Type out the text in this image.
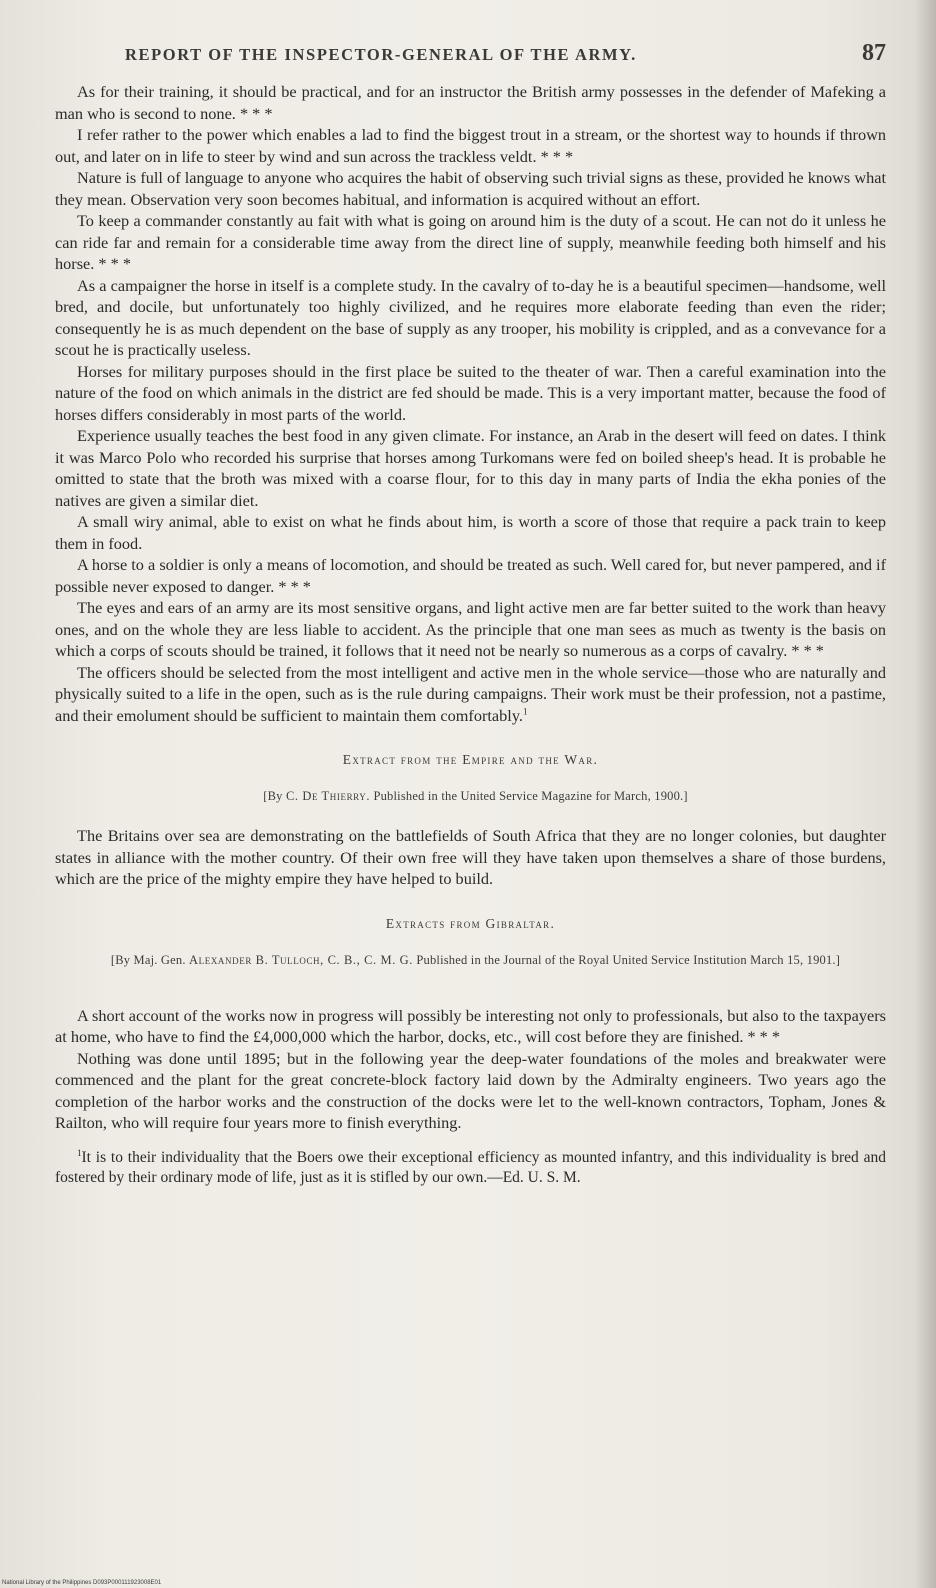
REPORT OF THE INSPECTOR-GENERAL OF THE ARMY.	87

As for their training, it should be practical, and for an instructor the British army possesses in the defender of Mafeking a man who is second to none. * * *

I refer rather to the power which enables a lad to find the biggest trout in a stream, or the shortest way to hounds if thrown out, and later on in life to steer by wind and sun across the trackless veldt. * * *

Nature is full of language to anyone who acquires the habit of observing such trivial signs as these, provided he knows what they mean. Observation very soon becomes habitual, and information is acquired without an effort.

To keep a commander constantly au fait with what is going on around him is the duty of a scout. He can not do it unless he can ride far and remain for a considerable time away from the direct line of supply, meanwhile feeding both himself and his horse. * * *

As a campaigner the horse in itself is a complete study. In the cavalry of to-day he is a beautiful specimen—handsome, well bred, and docile, but unfortunately too highly civilized, and he requires more elaborate feeding than even the rider; consequently he is as much dependent on the base of supply as any trooper, his mobility is crippled, and as a convevance for a scout he is practically useless.

Horses for military purposes should in the first place be suited to the theater of war. Then a careful examination into the nature of the food on which animals in the district are fed should be made. This is a very important matter, because the food of horses differs considerably in most parts of the world.

Experience usually teaches the best food in any given climate. For instance, an Arab in the desert will feed on dates. I think it was Marco Polo who recorded his surprise that horses among Turkomans were fed on boiled sheep's head. It is probable he omitted to state that the broth was mixed with a coarse flour, for to this day in many parts of India the ekha ponies of the natives are given a similar diet.

A small wiry animal, able to exist on what he finds about him, is worth a score of those that require a pack train to keep them in food.

A horse to a soldier is only a means of locomotion, and should be treated as such. Well cared for, but never pampered, and if possible never exposed to danger. * * *

The eyes and ears of an army are its most sensitive organs, and light active men are far better suited to the work than heavy ones, and on the whole they are less liable to accident. As the principle that one man sees as much as twenty is the basis on which a corps of scouts should be trained, it follows that it need not be nearly so numerous as a corps of cavalry. * * *

The officers should be selected from the most intelligent and active men in the whole service—those who are naturally and physically suited to a life in the open, such as is the rule during campaigns. Their work must be their profession, not a pastime, and their emolument should be sufficient to maintain them comfortably.$^1$

Extract from the Empire and the War.
[By C. De Thierry. Published in the United Service Magazine for March, 1900.]

The Britains over sea are demonstrating on the battlefields of South Africa that they are no longer colonies, but daughter states in alliance with the mother country. Of their own free will they have taken upon themselves a share of those burdens, which are the price of the mighty empire they have helped to build.

Extracts from Gibraltar.
[By Maj. Gen. Alexander B. Tulloch, C. B., C. M. G. Published in the Journal of the Royal United Service Institution March 15, 1901.]

A short account of the works now in progress will possibly be interesting not only to professionals, but also to the taxpayers at home, who have to find the £4,000,000 which the harbor, docks, etc., will cost before they are finished. * * *

Nothing was done until 1895; but in the following year the deep-water foundations of the moles and breakwater were commenced and the plant for the great concrete-block factory laid down by the Admiralty engineers. Two years ago the completion of the harbor works and the construction of the docks were let to the well-known contractors, Topham, Jones & Railton, who will require four years more to finish everything.

$^1$It is to their individuality that the Boers owe their exceptional efficiency as mounted infantry, and this individuality is bred and fostered by their ordinary mode of life, just as it is stifled by our own.—Ed. U. S. M.

National Library of the Philippines D093P000111923008E01
